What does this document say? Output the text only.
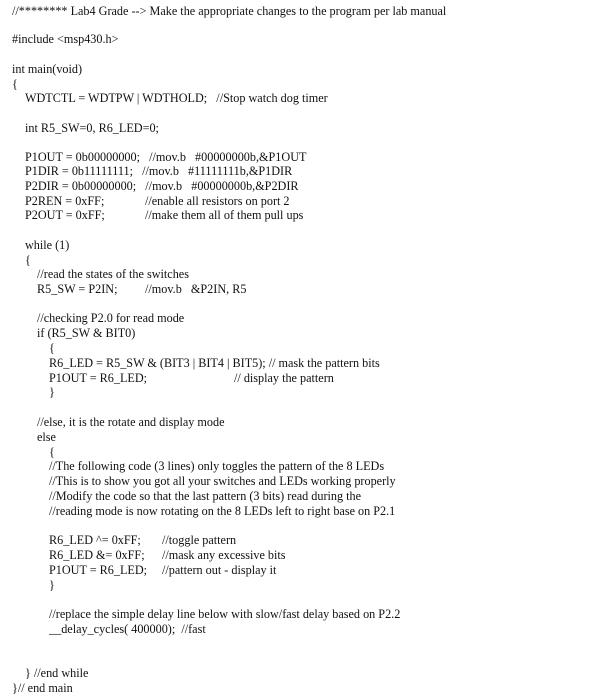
//******** Lab4 Grade --> Make the appropriate changes to the program per lab manual
#include <msp430.h>
int main(void)
{
WDTCTL = WDTPW | WDTHOLD;   //Stop watch dog timer
int R5_SW=0, R6_LED=0;
P1OUT = 0b00000000;   //mov.b   #00000000b,&P1OUT
P1DIR = 0b11111111;   //mov.b   #11111111b,&P1DIR
P2DIR = 0b00000000;   //mov.b   #00000000b,&P2DIR
P2REN = 0xFF;	//enable all resistors on port 2
P2OUT = 0xFF;	//make them all of them pull ups
while (1)
{
//read the states of the switches
R5_SW = P2IN; //mov.b   &P2IN, R5
//checking P2.0 for read mode
if (R5_SW & BIT0)
{
R6_LED = R5_SW & (BIT3 | BIT4 | BIT5); // mask the pattern bits
P1OUT = R6_LED;	// display the pattern
}
//else, it is the rotate and display mode
else
{
//The following code (3 lines) only toggles the pattern of the 8 LEDs
//This is to show you got all your switches and LEDs working properly
//Modify the code so that the last pattern (3 bits) read during the
//reading mode is now rotating on the 8 LEDs left to right base on P2.1
R6_LED ^= 0xFF; //toggle pattern
R6_LED &= 0xFF; //mask any excessive bits
P1OUT = R6_LED; //pattern out - display it
}
//replace the simple delay line below with slow/fast delay based on P2.2
__delay_cycles( 400000);  //fast
} //end while
}// end main
